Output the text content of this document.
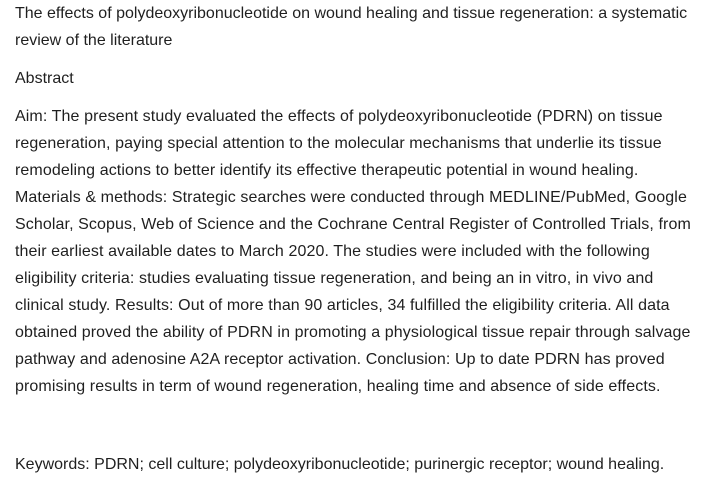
The effects of polydeoxyribonucleotide on wound healing and tissue regeneration: a systematic review of the literature
Abstract

Aim: The present study evaluated the effects of polydeoxyribonucleotide (PDRN) on tissue regeneration, paying special attention to the molecular mechanisms that underlie its tissue remodeling actions to better identify its effective therapeutic potential in wound healing. Materials & methods: Strategic searches were conducted through MEDLINE/PubMed, Google Scholar, Scopus, Web of Science and the Cochrane Central Register of Controlled Trials, from their earliest available dates to March 2020. The studies were included with the following eligibility criteria: studies evaluating tissue regeneration, and being an in vitro, in vivo and clinical study. Results: Out of more than 90 articles, 34 fulfilled the eligibility criteria. All data obtained proved the ability of PDRN in promoting a physiological tissue repair through salvage pathway and adenosine A2A receptor activation. Conclusion: Up to date PDRN has proved promising results in term of wound regeneration, healing time and absence of side effects.

Keywords: PDRN; cell culture; polydeoxyribonucleotide; purinergic receptor; wound healing.
